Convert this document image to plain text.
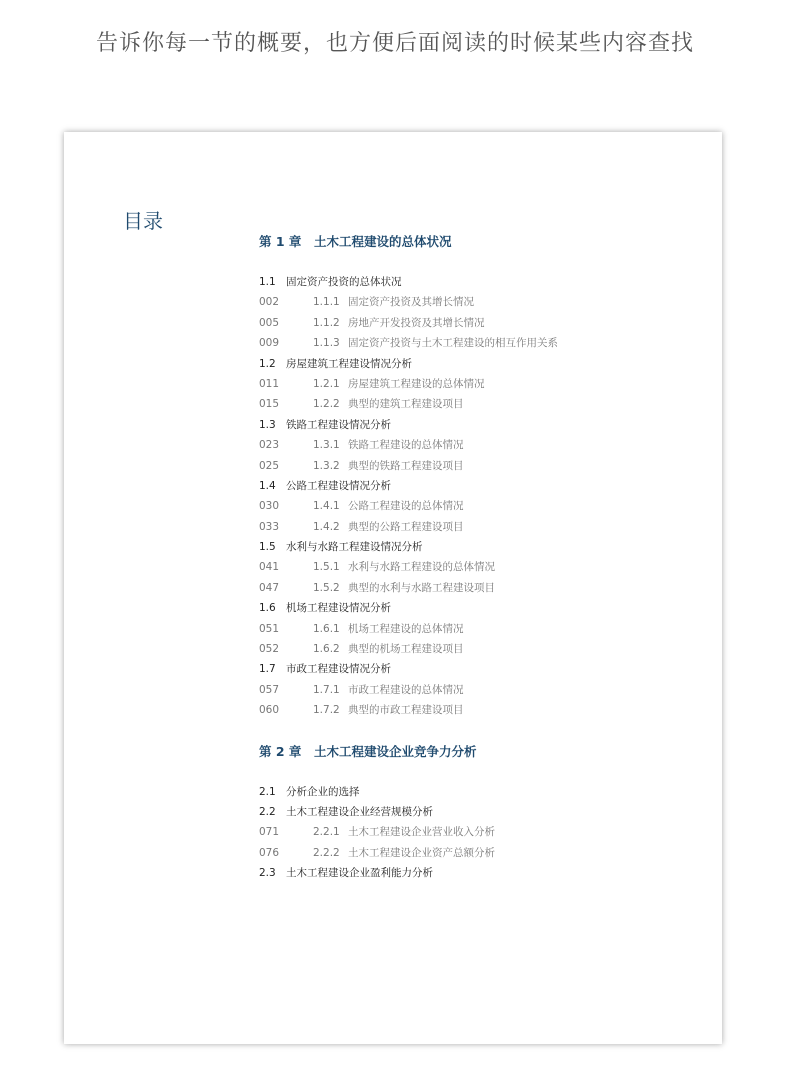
告诉你每一节的概要，也方便后面阅读的时候某些内容查找
目录
第 1 章 土木工程建设的总体状况
1.1 固定资产投资的总体状况
002	1.1.1 固定资产投资及其增长情况
005	1.1.2 房地产开发投资及其增长情况
009	1.1.3 固定资产投资与土木工程建设的相互作用关系
1.2 房屋建筑工程建设情况分析
011	1.2.1 房屋建筑工程建设的总体情况
015	1.2.2 典型的建筑工程建设项目
1.3 铁路工程建设情况分析
023	1.3.1 铁路工程建设的总体情况
025	1.3.2 典型的铁路工程建设项目
1.4 公路工程建设情况分析
030	1.4.1 公路工程建设的总体情况
033	1.4.2 典型的公路工程建设项目
1.5 水利与水路工程建设情况分析
041	1.5.1 水利与水路工程建设的总体情况
047	1.5.2 典型的水利与水路工程建设项目
1.6 机场工程建设情况分析
051	1.6.1 机场工程建设的总体情况
052	1.6.2 典型的机场工程建设项目
1.7 市政工程建设情况分析
057	1.7.1 市政工程建设的总体情况
060	1.7.2 典型的市政工程建设项目
第 2 章 土木工程建设企业竞争力分析
2.1 分析企业的选择
2.2 土木工程建设企业经营规模分析
071	2.2.1 土木工程建设企业营业收入分析
076	2.2.2 土木工程建设企业资产总额分析
2.3 土木工程建设企业盈利能力分析
